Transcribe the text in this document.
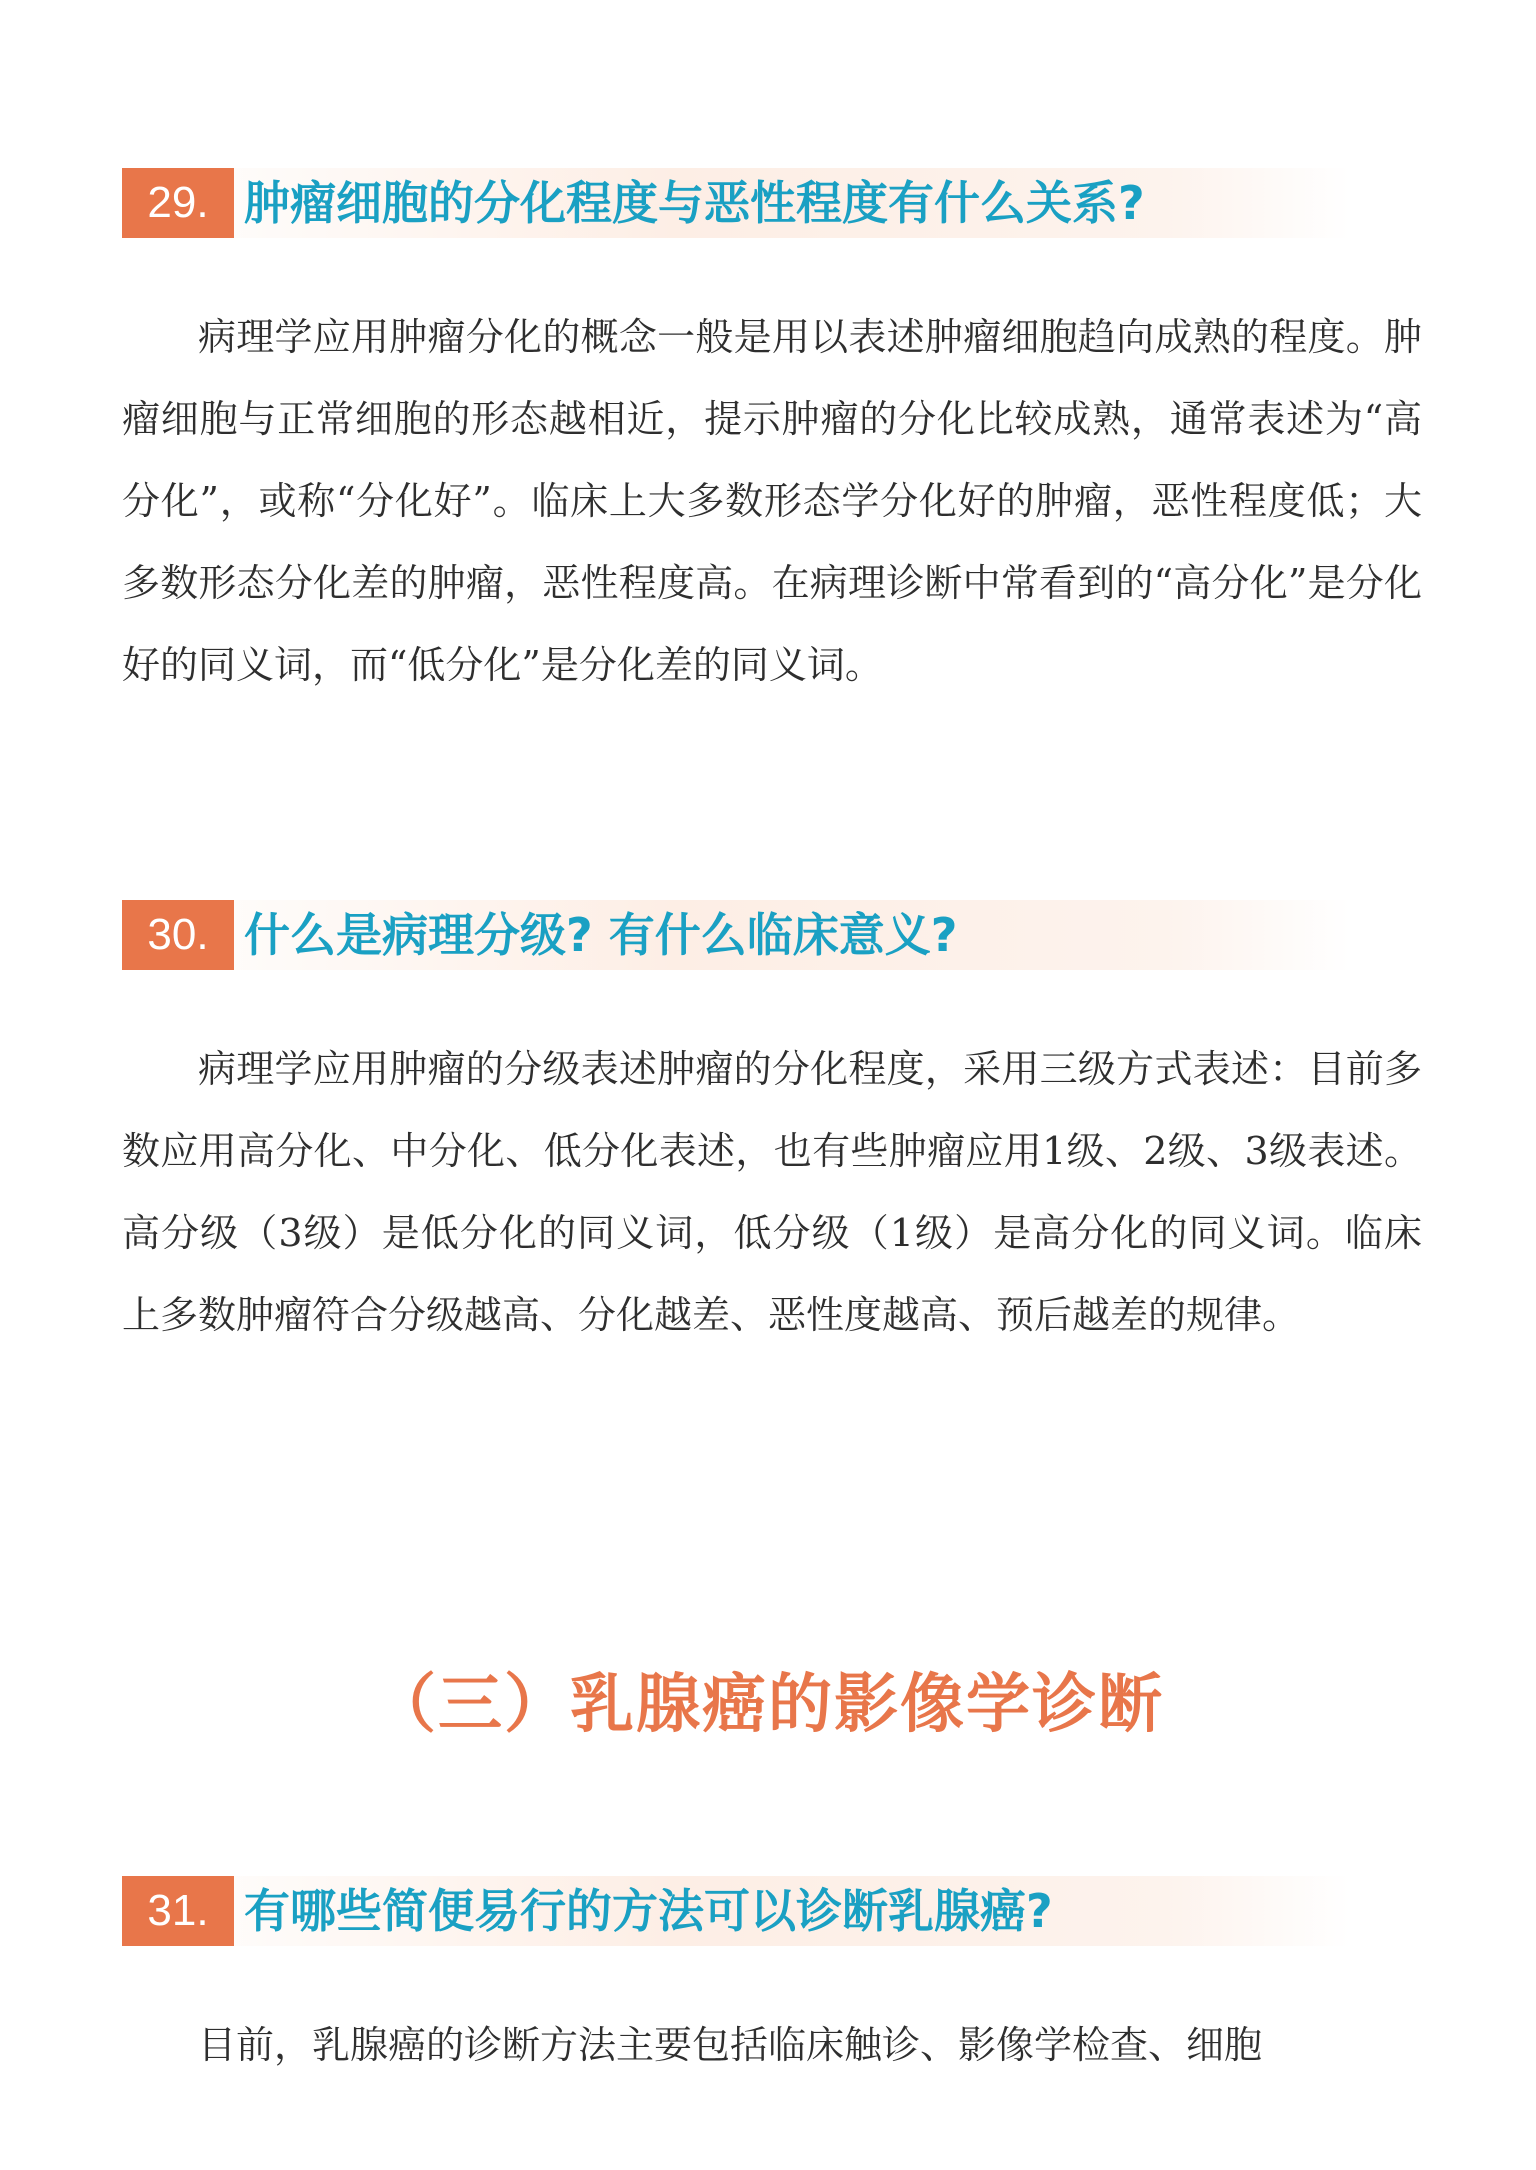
29. 肿瘤细胞的分化程度与恶性程度有什么关系?

病理学应用肿瘤分化的概念一般是用以表述肿瘤细胞趋向成熟的程度。肿瘤细胞与正常细胞的形态越相近，提示肿瘤的分化比较成熟，通常表述为“高分化”，或称“分化好”。临床上大多数形态学分化好的肿瘤，恶性程度低；大多数形态分化差的肿瘤，恶性程度高。在病理诊断中常看到的“高分化”是分化好的同义词，而“低分化”是分化差的同义词。

30. 什么是病理分级? 有什么临床意义?

病理学应用肿瘤的分级表述肿瘤的分化程度，采用三级方式表述：目前多数应用高分化、中分化、低分化表述，也有些肿瘤应用1级、2级、3级表述。高分级（3级）是低分化的同义词，低分级（1级）是高分化的同义词。临床上多数肿瘤符合分级越高、分化越差、恶性度越高、预后越差的规律。

（三）乳腺癌的影像学诊断
31. 有哪些简便易行的方法可以诊断乳腺癌?

目前，乳腺癌的诊断方法主要包括临床触诊、影像学检查、细胞
